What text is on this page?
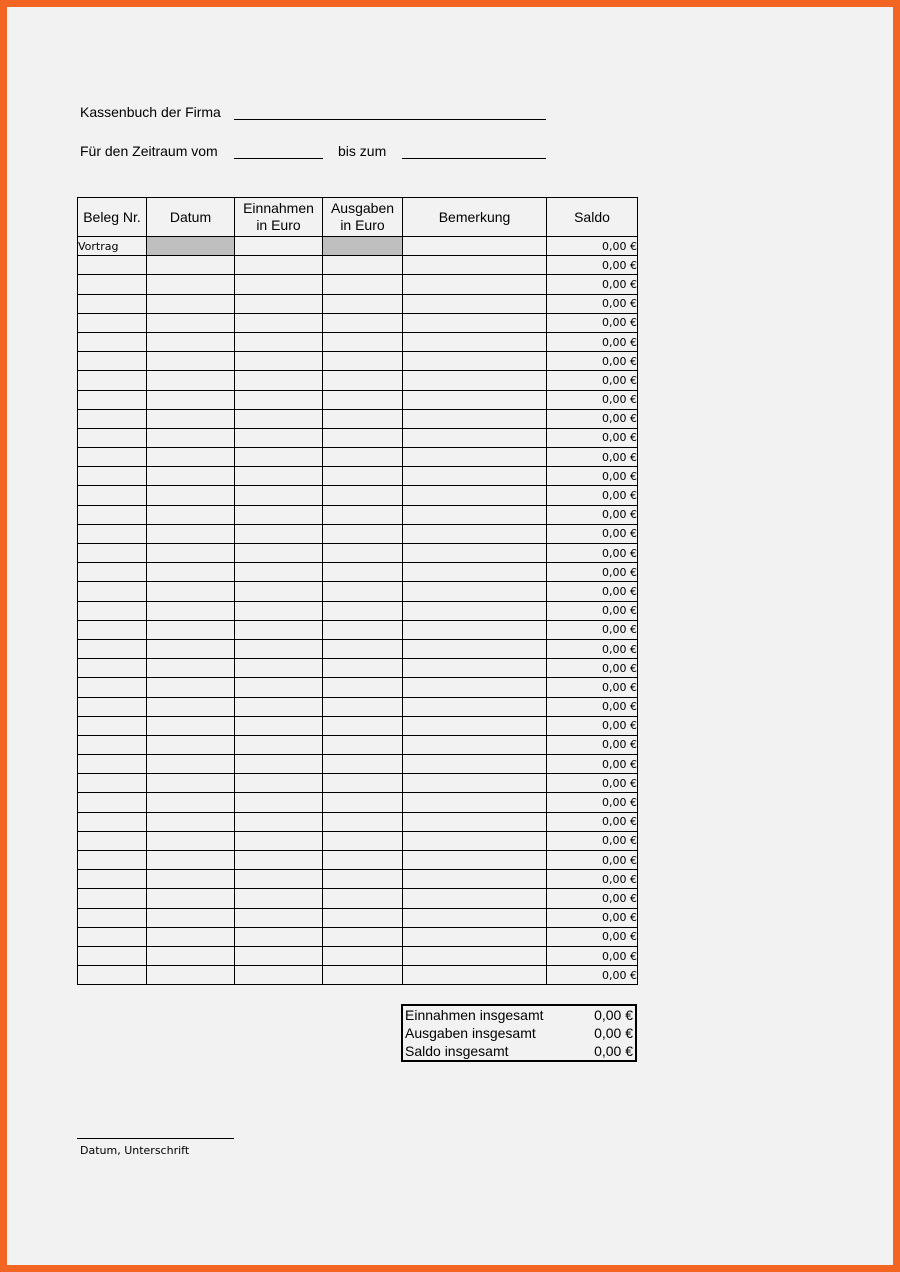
Kassenbuch der Firma
Für den Zeitraum vom	bis zum
Beleg Nr.	Datum	Einnahmen in Euro	Ausgaben in Euro	Bemerkung	Saldo
Vortrag					0,00 €
					0,00 €
					0,00 €
					0,00 €
					0,00 €
					0,00 €
					0,00 €
					0,00 €
					0,00 €
					0,00 €
					0,00 €
					0,00 €
					0,00 €
					0,00 €
					0,00 €
					0,00 €
					0,00 €
					0,00 €
					0,00 €
					0,00 €
					0,00 €
					0,00 €
					0,00 €
					0,00 €
					0,00 €
					0,00 €
					0,00 €
					0,00 €
					0,00 €
					0,00 €
					0,00 €
					0,00 €
					0,00 €
					0,00 €
					0,00 €
					0,00 €
					0,00 €
					0,00 €
					0,00 €
Einnahmen insgesamt	0,00 €
Ausgaben insgesamt	0,00 €
Saldo insgesamt	0,00 €
Datum, Unterschrift
